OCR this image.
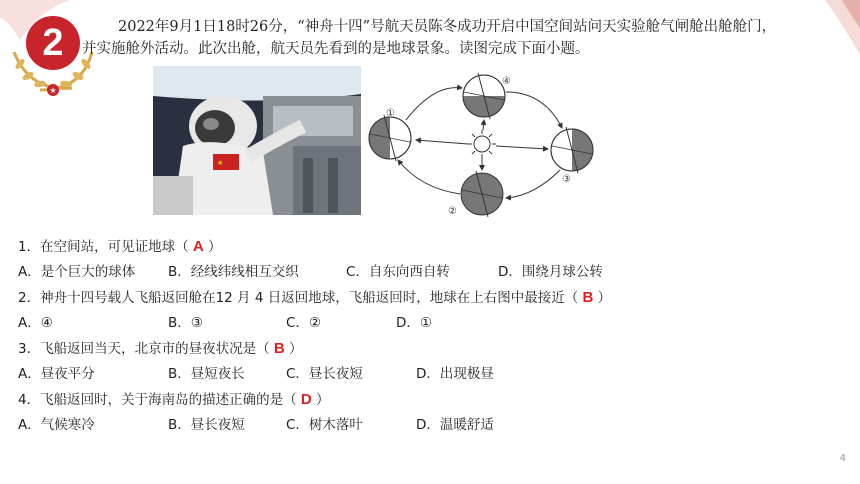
★
2	2022年9月1日18时26分，“神舟十四”号航天员陈冬成功开启中国空间站问天实验舱气闸舱出舱舱门，

并实施舱外活动。此次出舱，航天员先看到的是地球景象。读图完成下面小题。

★
①
②
③
④
1．在空间站，可见证地球（ A ）
A．是个巨大的球体 B．经线纬线相互交织	C．自东向西自转	D．围绕月球公转
2．神舟十四号载人飞船返回舱在12 月 4 日返回地球，飞船返回时，地球在上右图中最接近（ B ）
A．④	B．③	C．②	D．①
3．飞船返回当天，北京市的昼夜状况是（ B ）
A．昼夜平分	B．昼短夜长	C．昼长夜短	D．出现极昼
4．飞船返回时，关于海南岛的描述正确的是（ D ）
A．气候寒冷	B．昼长夜短	C．树木落叶	D．温暖舒适
4
